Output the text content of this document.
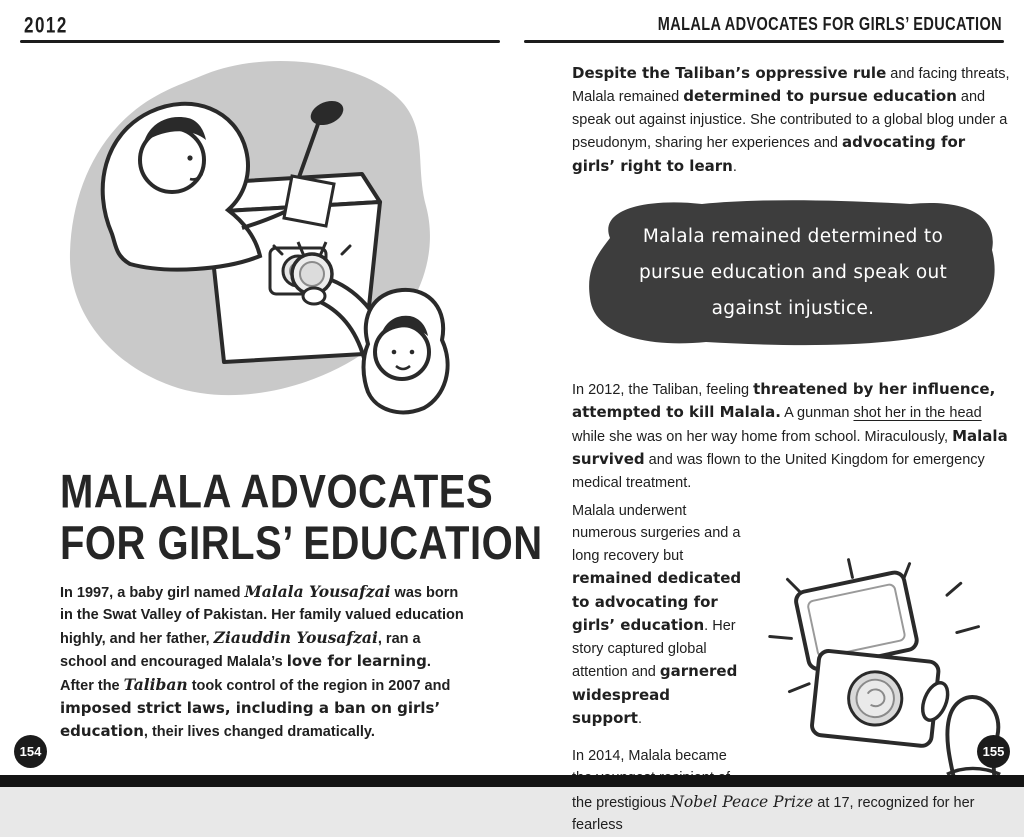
2012	MALALA ADVOCATES FOR GIRLS’ EDUCATION
MALALA ADVOCATES
FOR GIRLS’ EDUCATION

In 1997, a baby girl named Malala Yousafzai was born in the Swat Valley of Pakistan. Her family valued education highly, and her father, Ziauddin Yousafzai, ran a school and encouraged Malala’s love for learning. After the Taliban took control of the region in 2007 and imposed strict laws, including a ban on girls’ education, their lives changed dramatically.

Despite the Taliban’s oppressive rule and facing threats, Malala remained determined to pursue education and speak out against injustice. She contributed to a global blog under a pseudonym, sharing her experiences and advocating for girls’ right to learn.

Malala remained determined to pursue education and speak out against injustice.

In 2012, the Taliban, feeling threatened by her influence, attempted to kill Malala. A gunman shot her in the head while she was on her way home from school. Miraculously, Malala survived and was flown to the United Kingdom for emergency medical treatment.

Malala underwent numerous surgeries and a long recovery but remained dedicated to advocating for girls’ education. Her story captured global attention and garnered widespread support.

In 2014, Malala became the prestigious Nobel Peace Prize at 17, recognized for her fearless

154	155
